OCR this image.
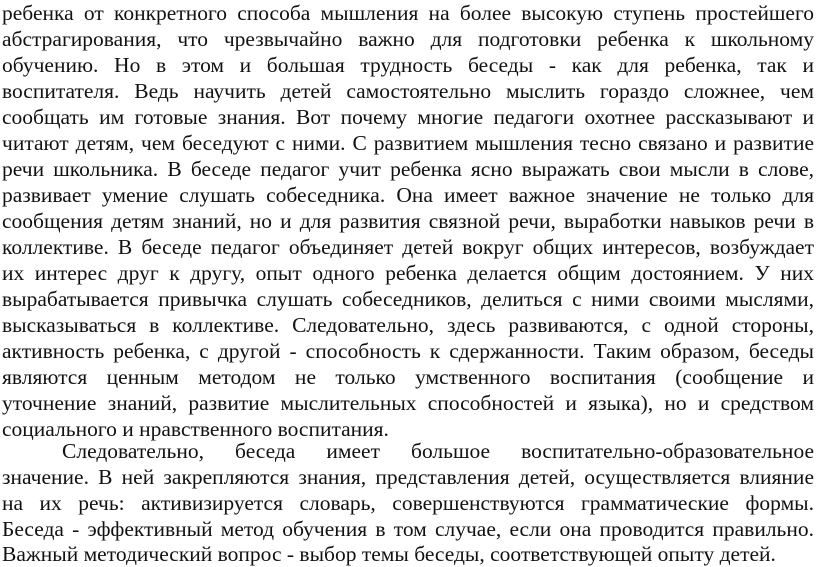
ребенка от конкретного способа мышления на более высокую ступень простейшего
абстрагирования, что чрезвычайно важно для подготовки ребенка к школьному
обучению. Но в этом и большая трудность беседы - как для ребенка, так и
воспитателя. Ведь научить детей самостоятельно мыслить гораздо сложнее, чем
сообщать им готовые знания. Вот почему многие педагоги охотнее рассказывают и
читают детям, чем беседуют с ними. С развитием мышления тесно связано и развитие
речи школьника. В беседе педагог учит ребенка ясно выражать свои мысли в слове,
развивает умение слушать собеседника. Она имеет важное значение не только для
сообщения детям знаний, но и для развития связной речи, выработки навыков речи в
коллективе. В беседе педагог объединяет детей вокруг общих интересов, возбуждает
их интерес друг к другу, опыт одного ребенка делается общим достоянием. У них
вырабатывается привычка слушать собеседников, делиться с ними своими мыслями,
высказываться в коллективе. Следовательно, здесь развиваются, с одной стороны,
активность ребенка, с другой - способность к сдержанности. Таким образом, беседы
являются ценным методом не только умственного воспитания (сообщение и
уточнение знаний, развитие мыслительных способностей и языка), но и средством
социального и нравственного воспитания.
Следовательно, беседа имеет большое воспитательно-образовательное
значение. В ней закрепляются знания, представления детей, осуществляется влияние
на их речь: активизируется словарь, совершенствуются грамматические формы.
Беседа - эффективный метод обучения в том случае, если она проводится правильно.
Важный методический вопрос - выбор темы беседы, соответствующей опыту детей.
